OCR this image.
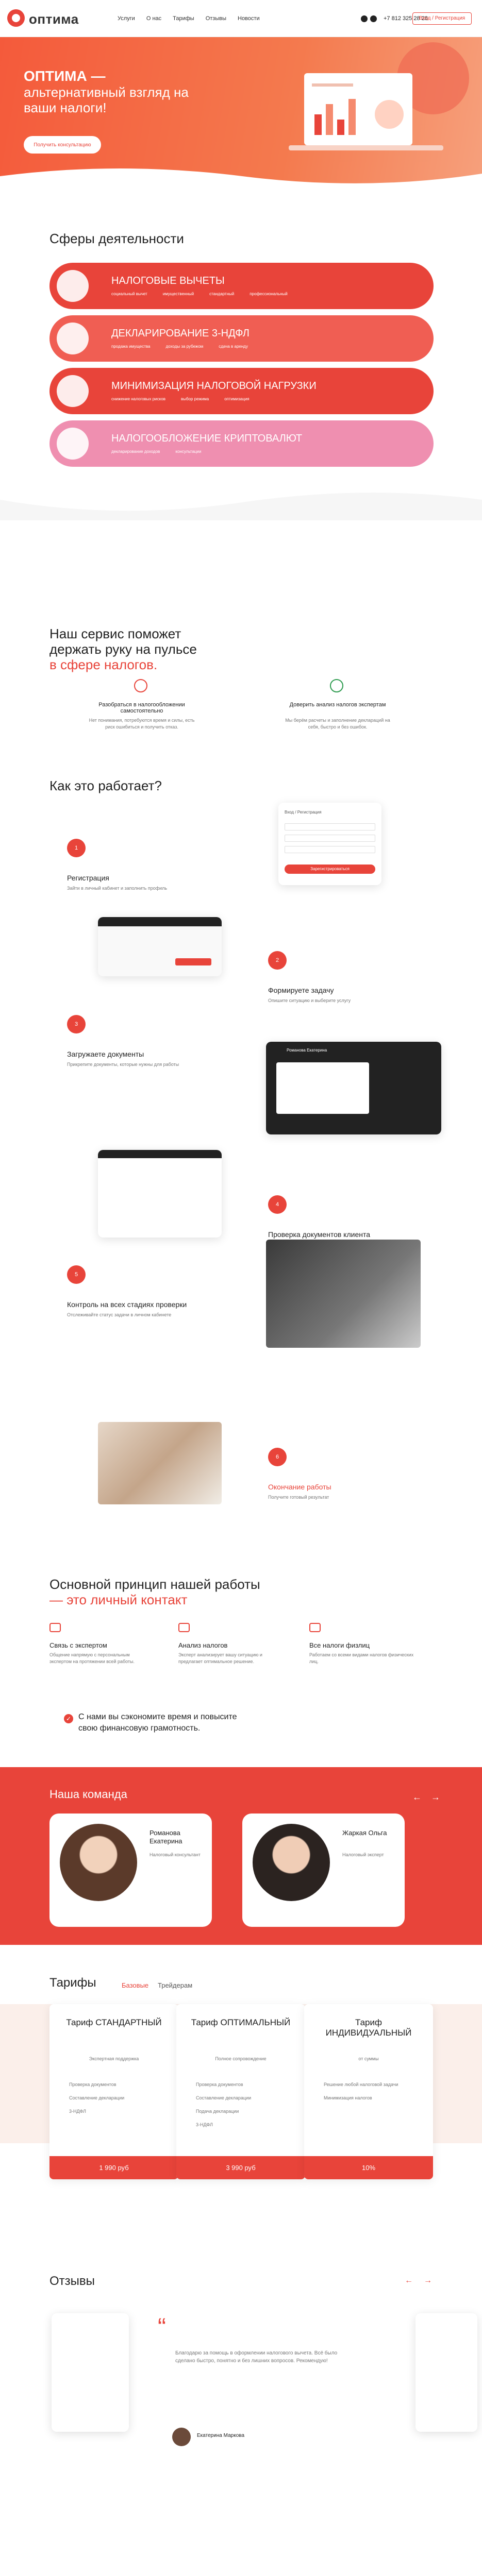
оптима	Услуги О нас Тарифы Отзывы Новости	+7 812 325 28 28
Вход / Регистрация
ОПТИМА —
альтернативный взгляд на ваши налоги!
Получить консультацию
Сферы деятельности
НАЛОГОВЫЕ ВЫЧЕТЫ
социальный вычет	имущественный	стандартный	профессиональный
ДЕКЛАРИРОВАНИЕ 3-НДФЛ
продажа имущества	доходы за рубежом	сдача в аренду
МИНИМИЗАЦИЯ НАЛОГОВОЙ НАГРУЗКИ
снижение налоговых рисков	выбор режима	оптимизация
НАЛОГООБЛОЖЕНИЕ КРИПТОВАЛЮТ
декларирование доходов	консультации
Наш сервис поможет
держать руку на пульсе
в сфере налогов.
Разобраться в налогообложении самостоятельно
Нет понимания, потребуются время и силы, есть риск ошибиться и получить отказ.
Доверить анализ налогов экспертам
Мы берём расчеты и заполнение деклараций на себя, быстро и без ошибок.
Как это работает?
1
Регистрация
Зайти в личный кабинет и заполнить профиль
Вход / Регистрация
Зарегистрироваться
2
Формируете задачу
Опишите ситуацию и выберите услугу
3
Загружаете документы
Прикрепите документы, которые нужны для работы
Романова Екатерина
4
Проверка документов клиента
5
Контроль на всех стадиях проверки
Отслеживайте статус задачи в личном кабинете
6
Окончание работы
Получите готовый результат
Основной принцип нашей работы
— это личный контакт
Связь с экспертом
Общение напрямую с персональным экспертом на протяжении всей работы.
Анализ налогов
Эксперт анализирует вашу ситуацию и предлагает оптимальное решение.
Все налоги физлиц
Работаем со всеми видами налогов физических лиц.
✓ С нами вы сэкономите время и повысите
свою финансовую грамотность.
Наша команда
Романова Екатерина
Налоговый консультант
Жаркая Ольга
Налоговый эксперт
← →
Тарифы	Базовые Трейдерам
Тариф СТАНДАРТНЫЙ
Экспертная поддержка
Проверка документов
Составление декларации
3-НДФЛ
1 990 руб
Тариф ОПТИМАЛЬНЫЙ
Полное сопровождение
Проверка документов
Составление декларации
Подача декларации
3-НДФЛ
3 990 руб
Тариф ИНДИВИДУАЛЬНЫЙ
от суммы
Решение любой налоговой задачи
Минимизация налогов
10%
Отзывы	← →
“
Благодарю за помощь в оформлении налогового вычета. Всё было сделано быстро, понятно и без лишних вопросов. Рекомендую!
Екатерина Маркова
